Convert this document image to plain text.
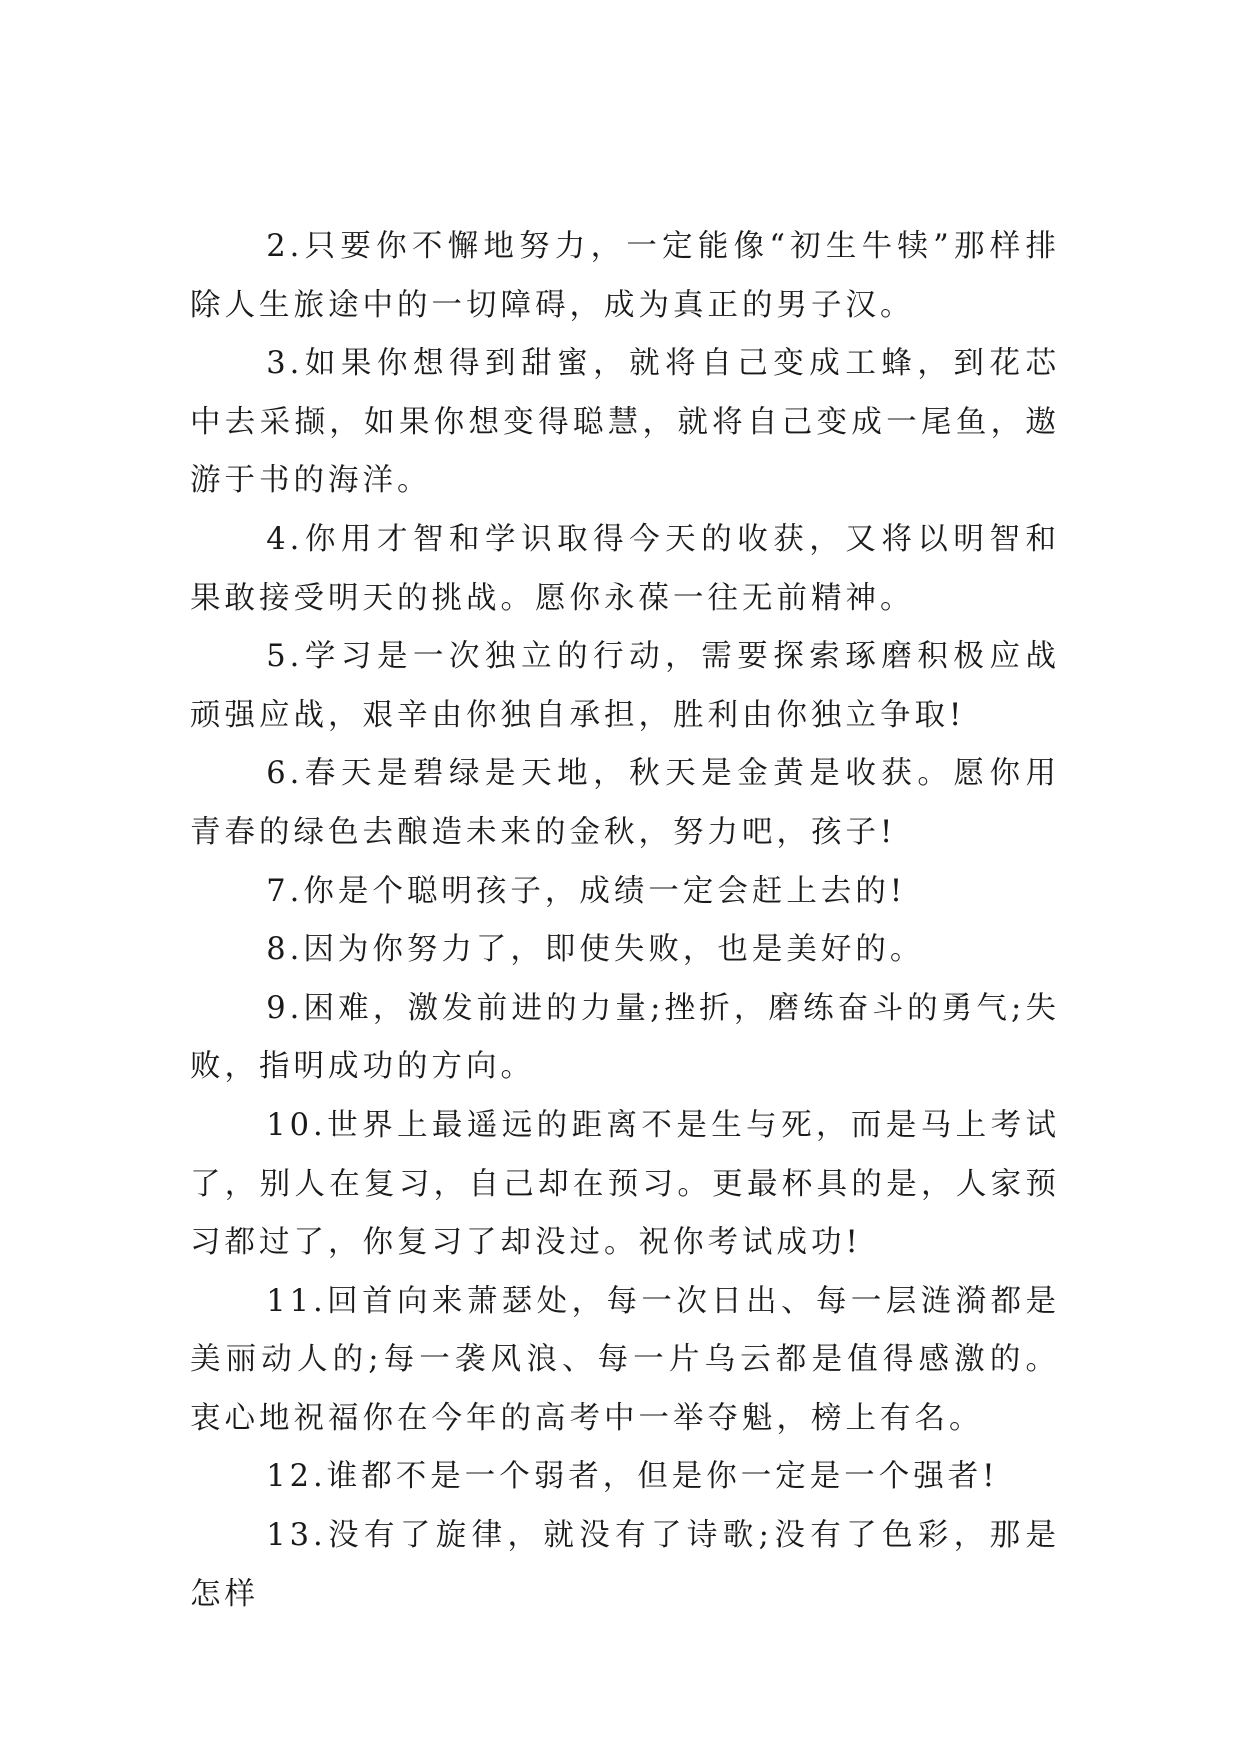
2.只要你不懈地努力，一定能像“初生牛犊”那样排除人生旅途中的一切障碍，成为真正的男子汉。

3.如果你想得到甜蜜，就将自己变成工蜂，到花芯中去采撷，如果你想变得聪慧，就将自己变成一尾鱼，遨游于书的海洋。

4.你用才智和学识取得今天的收获，又将以明智和果敢接受明天的挑战。愿你永葆一往无前精神。

5.学习是一次独立的行动，需要探索琢磨积极应战顽强应战，艰辛由你独自承担，胜利由你独立争取!

6.春天是碧绿是天地，秋天是金黄是收获。愿你用青春的绿色去酿造未来的金秋，努力吧，孩子!

7.你是个聪明孩子，成绩一定会赶上去的!

8.因为你努力了，即使失败，也是美好的。

9.困难，激发前进的力量;挫折，磨练奋斗的勇气;失败，指明成功的方向。

10.世界上最遥远的距离不是生与死，而是马上考试了，别人在复习，自己却在预习。更最杯具的是，人家预习都过了，你复习了却没过。祝你考试成功!

11.回首向来萧瑟处，每一次日出、每一层涟漪都是美丽动人的;每一袭风浪、每一片乌云都是值得感激的。衷心地祝福你在今年的高考中一举夺魁，榜上有名。

12.谁都不是一个弱者，但是你一定是一个强者!

13.没有了旋律，就没有了诗歌;没有了色彩，那是怎样
